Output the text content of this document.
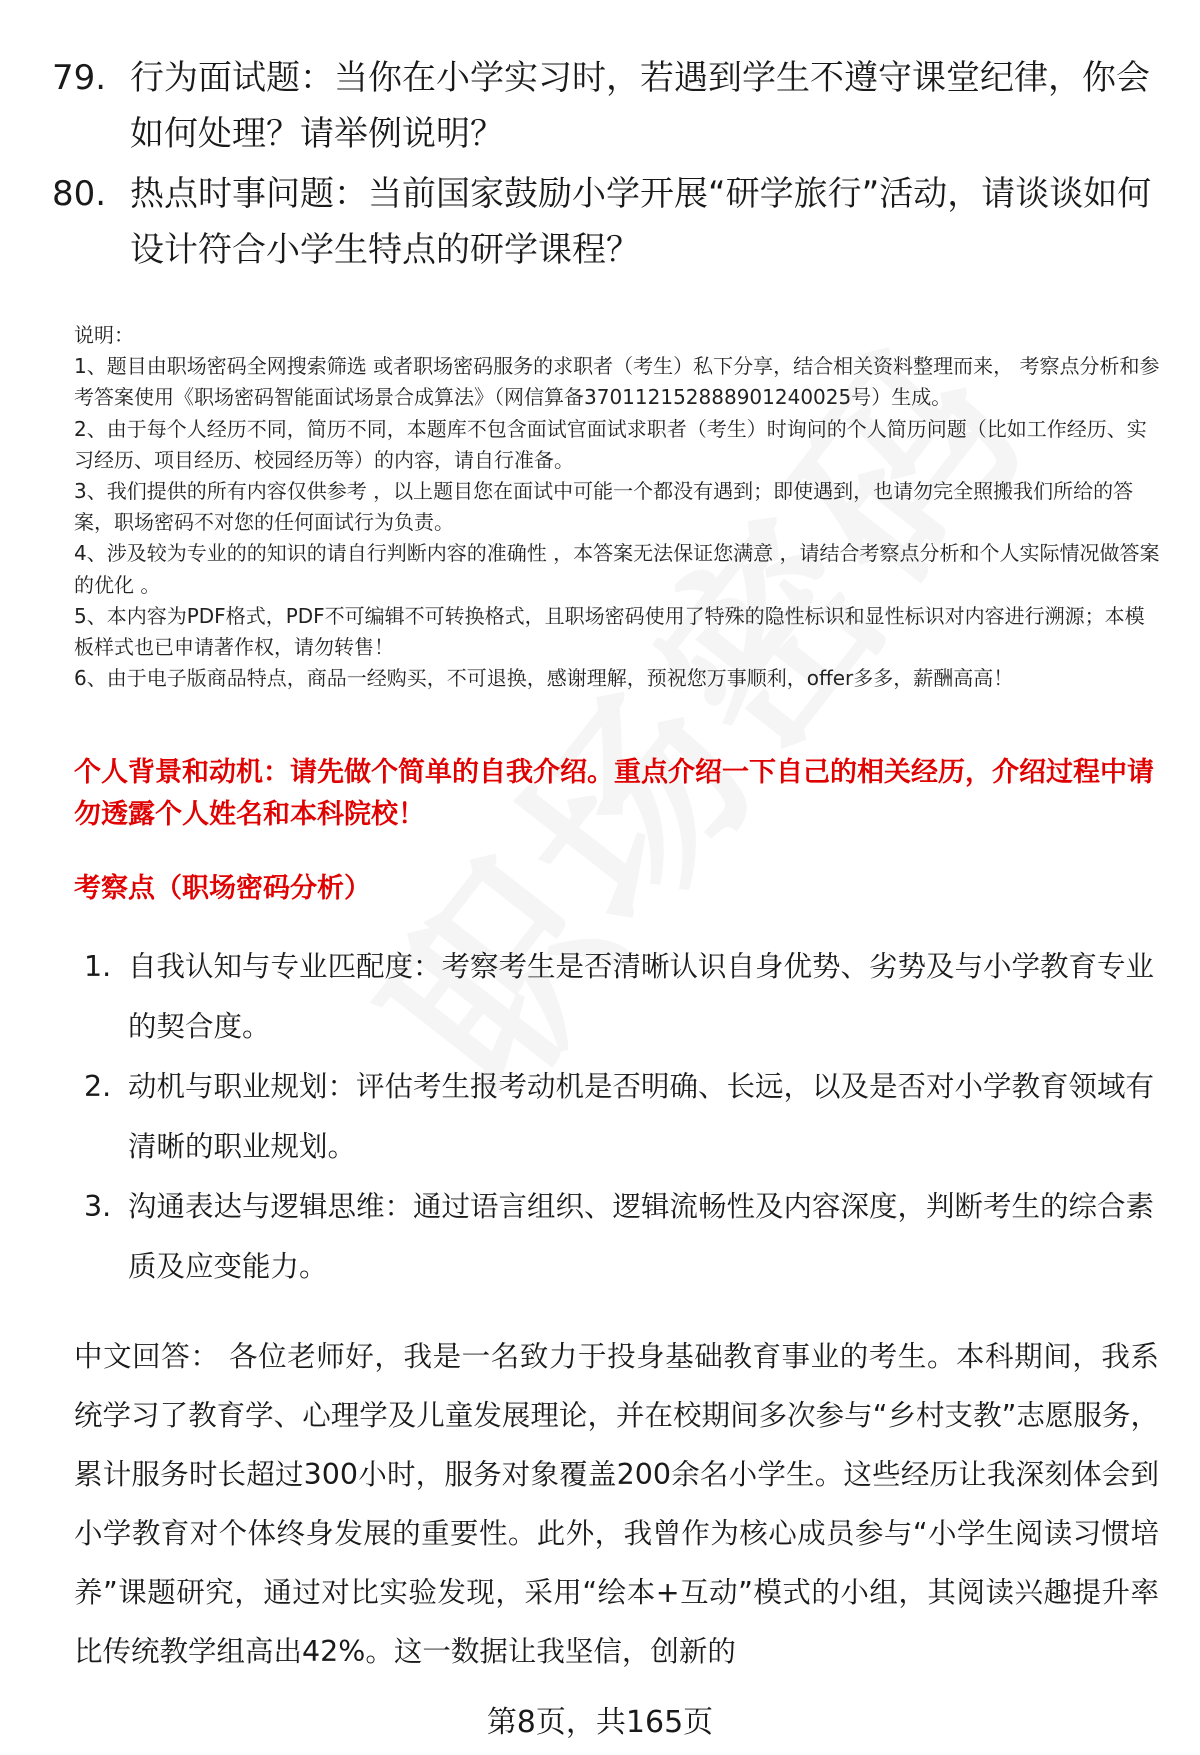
79. 行为面试题：当你在小学实习时，若遇到学生不遵守课堂纪律，你会如何处理？请举例说明？
80. 热点时事问题：当前国家鼓励小学开展“研学旅行”活动，请谈谈如何设计符合小学生特点的研学课程？

说明：

1、题目由职场密码全网搜索筛选 或者职场密码服务的求职者（考生）私下分享，结合相关资料整理而来， 考察点分析和参考答案使用《职场密码智能面试场景合成算法》（网信算备370112152888901240025号）生成。

2、由于每个人经历不同，简历不同，本题库不包含面试官面试求职者（考生）时询问的个人简历问题（比如工作经历、实习经历、项目经历、校园经历等）的内容，请自行准备。

3、我们提供的所有内容仅供参考 ，以上题目您在面试中可能一个都没有遇到；即使遇到，也请勿完全照搬我们所给的答案，职场密码不对您的任何面试行为负责。

4、涉及较为专业的的知识的请自行判断内容的准确性 ，本答案无法保证您满意 ，请结合考察点分析和个人实际情况做答案的优化 。

5、本内容为PDF格式，PDF不可编辑不可转换格式，且职场密码使用了特殊的隐性标识和显性标识对内容进行溯源；本模板样式也已申请著作权，请勿转售！

6、由于电子版商品特点，商品一经购买，不可退换，感谢理解，预祝您万事顺利，offer多多，薪酬高高！

个人背景和动机：请先做个简单的自我介绍。重点介绍一下自己的相关经历，介绍过程中请勿透露个人姓名和本科院校！
考察点（职场密码分析）
1. 自我认知与专业匹配度：考察考生是否清晰认识自身优势、劣势及与小学教育专业的契合度。
2. 动机与职业规划：评估考生报考动机是否明确、长远，以及是否对小学教育领域有清晰的职业规划。
3. 沟通表达与逻辑思维：通过语言组织、逻辑流畅性及内容深度，判断考生的综合素质及应变能力。
中文回答： 各位老师好，我是一名致力于投身基础教育事业的考生。本科期间，我系统学习了教育学、心理学及儿童发展理论，并在校期间多次参与“乡村支教”志愿服务，累计服务时长超过300小时，服务对象覆盖200余名小学生。这些经历让我深刻体会到小学教育对个体终身发展的重要性。此外，我曾作为核心成员参与“小学生阅读习惯培养”课题研究，通过对比实验发现，采用“绘本+互动”模式的小组，其阅读兴趣提升率比传统教学组高出42%。这一数据让我坚信，创新的
第8页，共165页
